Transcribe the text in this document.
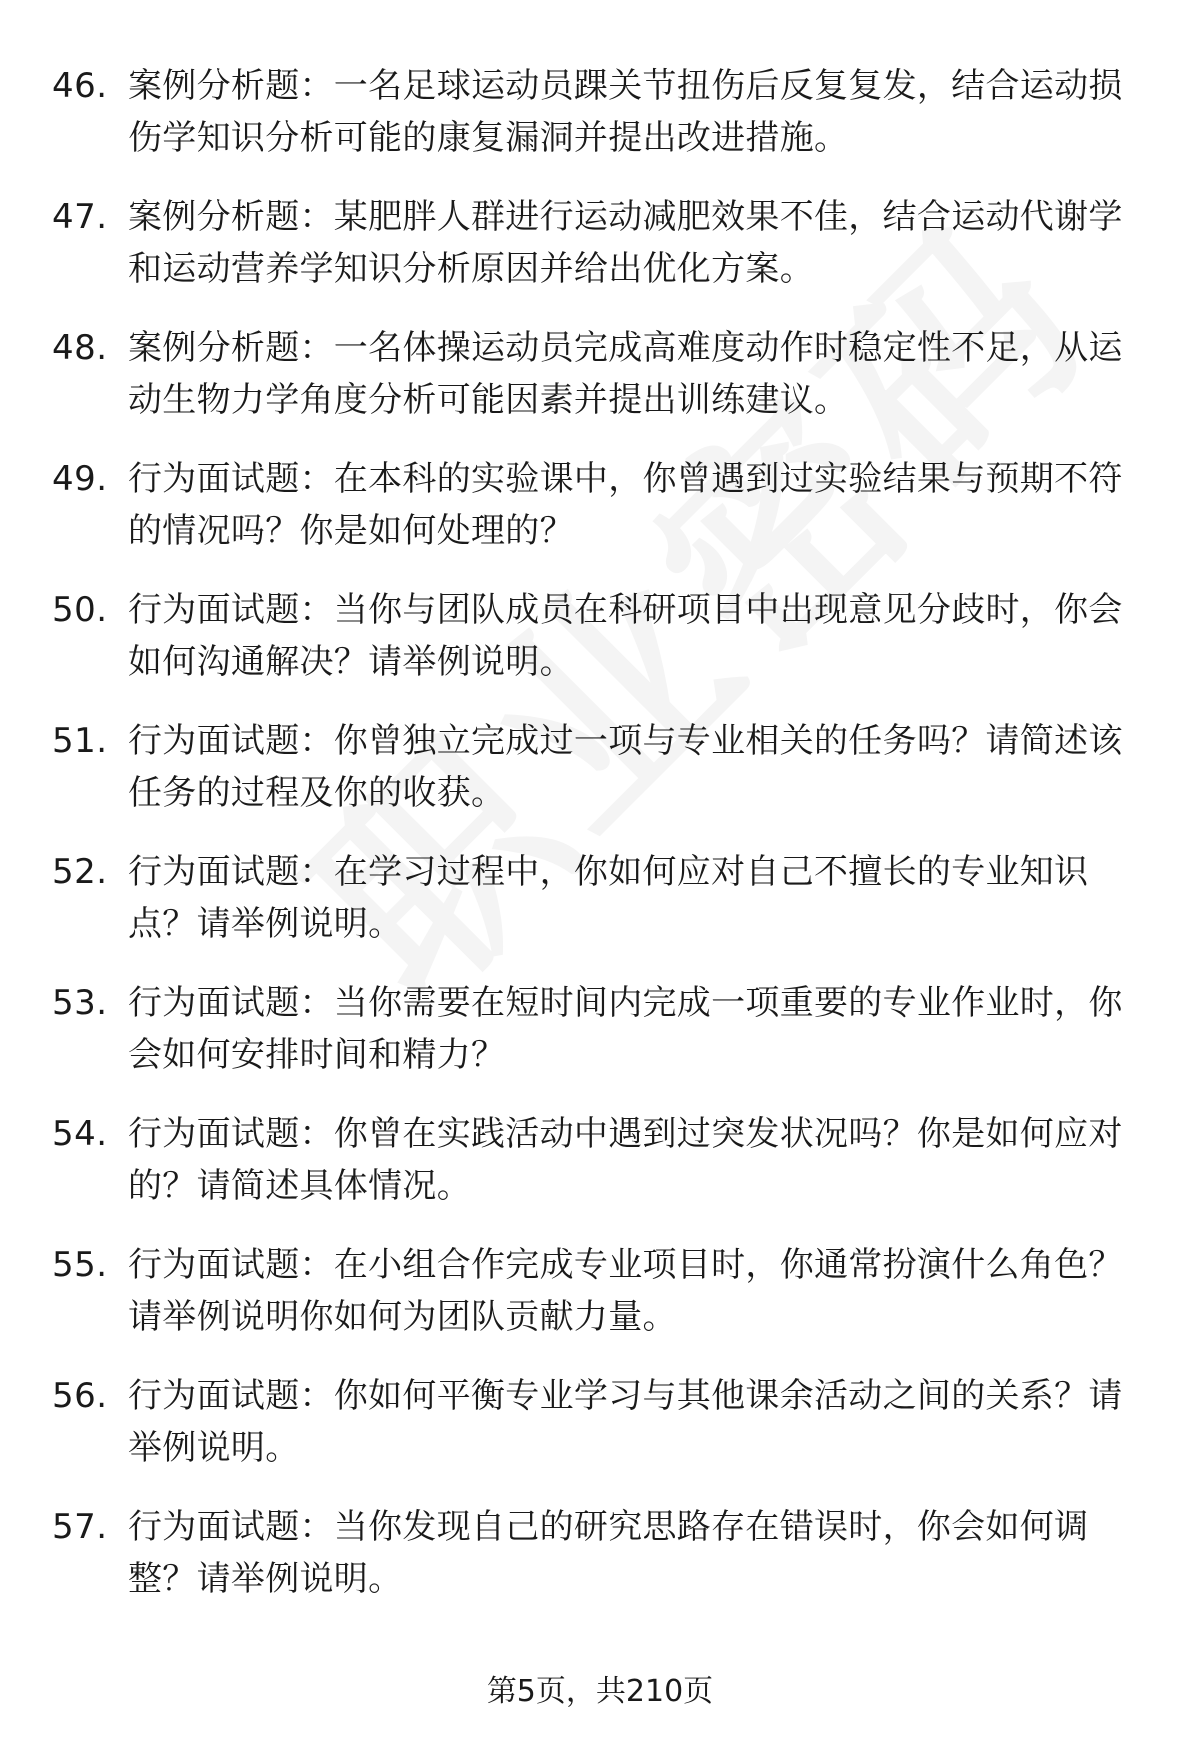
46. 案例分析题：一名足球运动员踝关节扭伤后反复复发，结合运动损伤学知识分析可能的康复漏洞并提出改进措施。
47. 案例分析题：某肥胖人群进行运动减肥效果不佳，结合运动代谢学和运动营养学知识分析原因并给出优化方案。
48. 案例分析题：一名体操运动员完成高难度动作时稳定性不足，从运动生物力学角度分析可能因素并提出训练建议。
49. 行为面试题：在本科的实验课中，你曾遇到过实验结果与预期不符的情况吗？你是如何处理的？
50. 行为面试题：当你与团队成员在科研项目中出现意见分歧时，你会如何沟通解决？请举例说明。
51. 行为面试题：你曾独立完成过一项与专业相关的任务吗？请简述该任务的过程及你的收获。
52. 行为面试题：在学习过程中，你如何应对自己不擅长的专业知识点？请举例说明。
53. 行为面试题：当你需要在短时间内完成一项重要的专业作业时，你会如何安排时间和精力？
54. 行为面试题：你曾在实践活动中遇到过突发状况吗？你是如何应对的？请简述具体情况。
55. 行为面试题：在小组合作完成专业项目时，你通常扮演什么角色？请举例说明你如何为团队贡献力量。
56. 行为面试题：你如何平衡专业学习与其他课余活动之间的关系？请举例说明。
57. 行为面试题：当你发现自己的研究思路存在错误时，你会如何调整？请举例说明。
第5页，共210页
